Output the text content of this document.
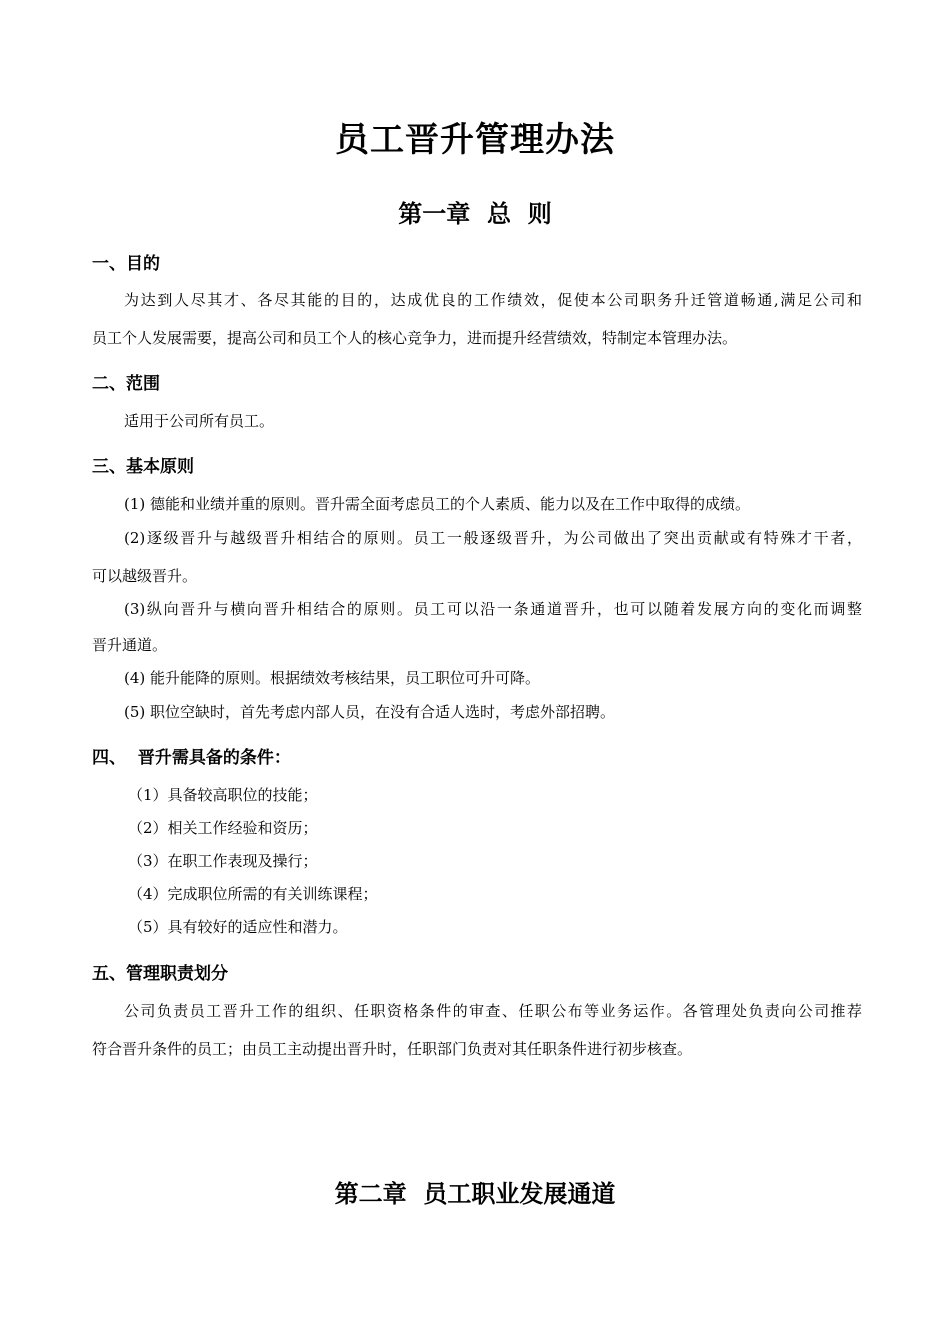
员工晋升管理办法
第一章  总  则
一、目的
为达到人尽其才、各尽其能的目的，达成优良的工作绩效，促使本公司职务升迁管道畅通,满足公司和
员工个人发展需要，提高公司和员工个人的核心竞争力，进而提升经营绩效，特制定本管理办法。
二、范围
适用于公司所有员工。
三、基本原则
(1) 德能和业绩并重的原则。晋升需全面考虑员工的个人素质、能力以及在工作中取得的成绩。
(2)逐级晋升与越级晋升相结合的原则。员工一般逐级晋升，为公司做出了突出贡献或有特殊才干者，
可以越级晋升。
(3)纵向晋升与横向晋升相结合的原则。员工可以沿一条通道晋升，也可以随着发展方向的变化而调整
晋升通道。
(4) 能升能降的原则。根据绩效考核结果，员工职位可升可降。
(5) 职位空缺时，首先考虑内部人员，在没有合适人选时，考虑外部招聘。
四、  晋升需具备的条件：
（1）具备较高职位的技能；
（2）相关工作经验和资历；
（3）在职工作表现及操行；
（4）完成职位所需的有关训练课程；
（5）具有较好的适应性和潜力。
五、管理职责划分
公司负责员工晋升工作的组织、任职资格条件的审查、任职公布等业务运作。各管理处负责向公司推荐
符合晋升条件的员工；由员工主动提出晋升时，任职部门负责对其任职条件进行初步核查。
第二章  员工职业发展通道
